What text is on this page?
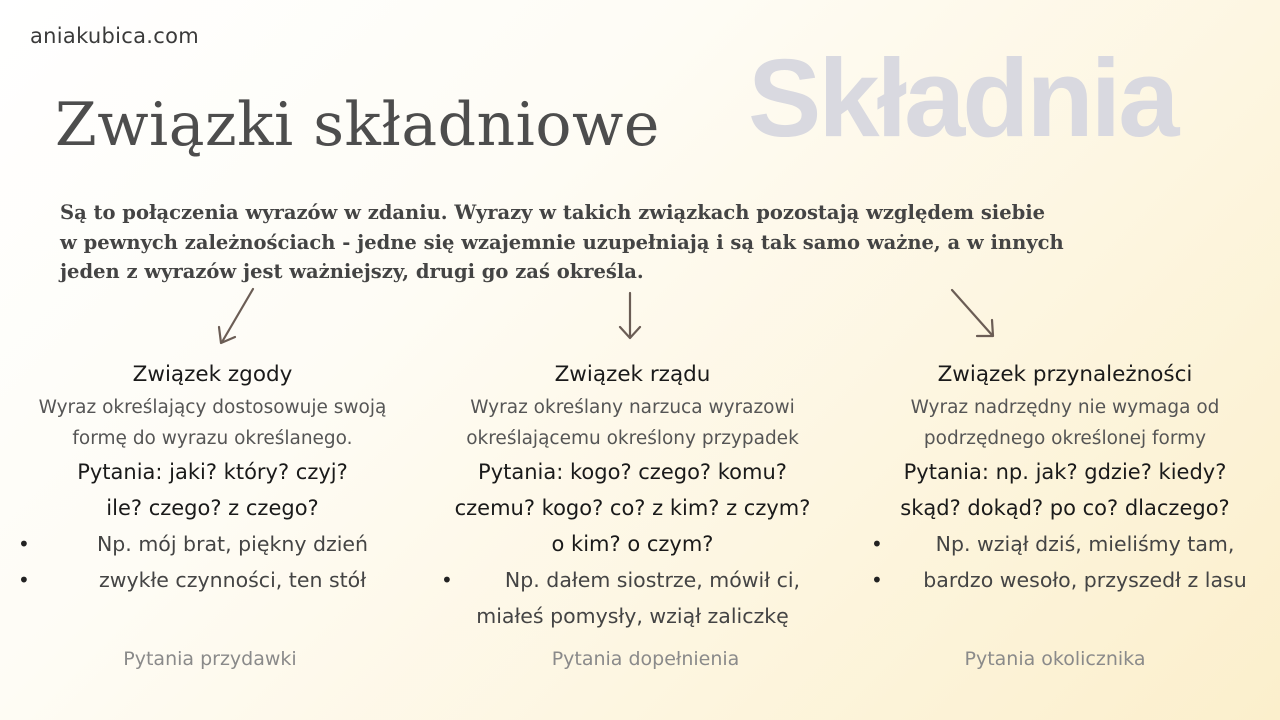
aniakubica.com
Składnia
Związki składniowe
Są to połączenia wyrazów w zdaniu. Wyrazy w takich związkach pozostają względem siebie
w pewnych zależnościach - jedne się wzajemnie uzupełniają i są tak samo ważne, a w innych
jeden z wyrazów jest ważniejszy, drugi go zaś określa.
Związek zgody
Wyraz określający dostosowuje swoją
formę do wyrazu określanego.
Pytania: jaki? który? czyj?
ile? czego? z czego?
•	Np. mój brat, piękny dzień
•	zwykłe czynności, ten stół
Pytania przydawki
Związek rządu
Wyraz określany narzuca wyrazowi
określającemu określony przypadek
Pytania: kogo? czego? komu?
czemu? kogo? co? z kim? z czym?
o kim? o czym?
•	Np. dałem siostrze, mówił ci,
miałeś pomysły, wziął zaliczkę
Pytania dopełnienia
Związek przynależności
Wyraz nadrzędny nie wymaga od
podrzędnego określonej formy
Pytania: np. jak? gdzie? kiedy?
skąd? dokąd? po co? dlaczego?
•	Np. wziął dziś, mieliśmy tam,
• bardzo wesoło, przyszedł z lasu
Pytania okolicznika
